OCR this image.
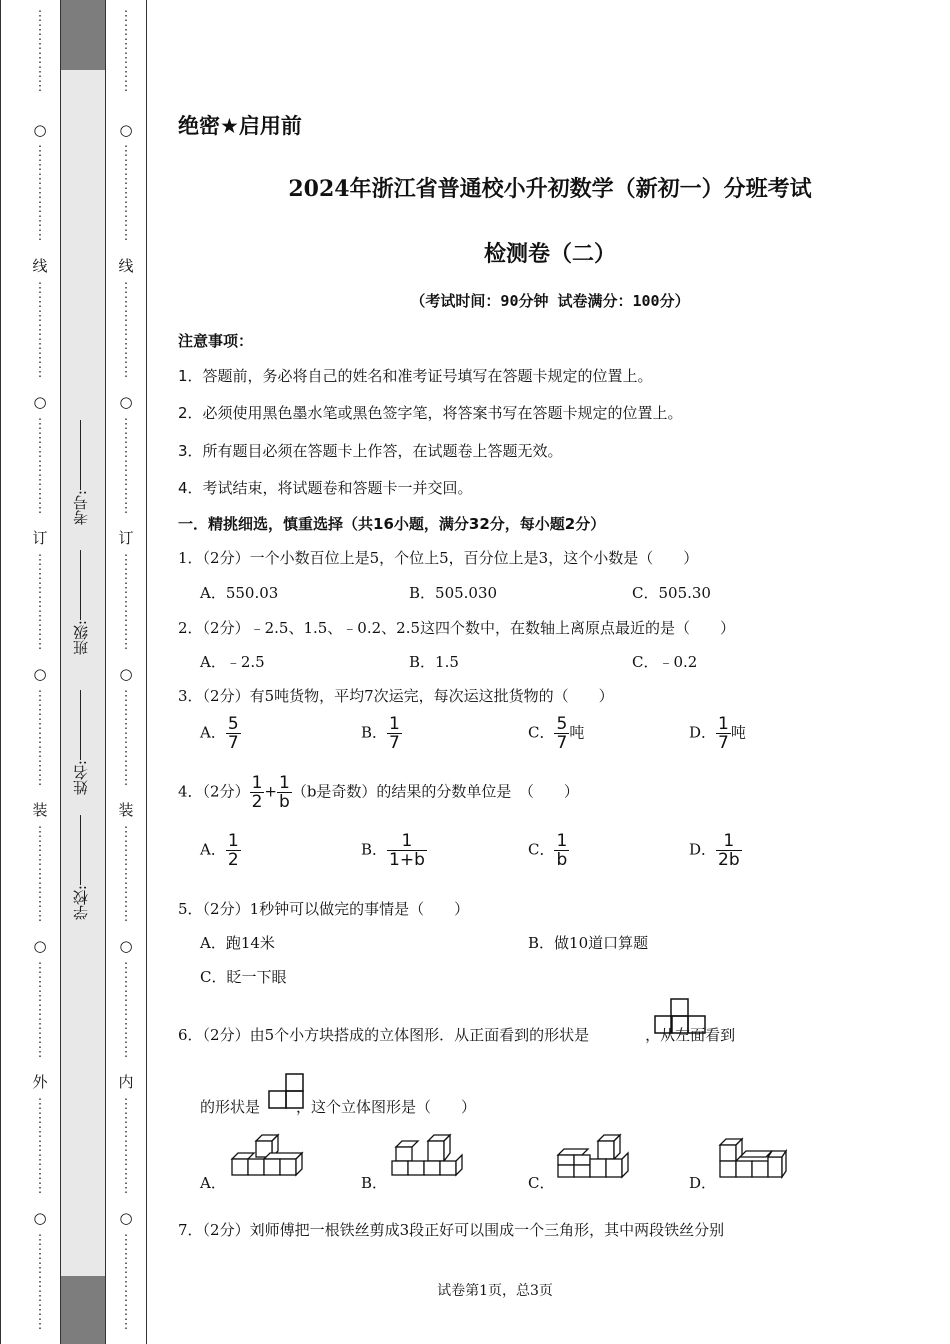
⋮
⋮
⋮
⋮
⋮
⋮
○
⋮
⋮
⋮
⋮
⋮
⋮
⋮
线
⋮
⋮
⋮
⋮
⋮
⋮
⋮
○
⋮
⋮
⋮
⋮
⋮
⋮
⋮
订
⋮
⋮
⋮
⋮
⋮
⋮
⋮
○
⋮
⋮
⋮
⋮
⋮
⋮
⋮
装
⋮
⋮
⋮
⋮
⋮
⋮
⋮
○
⋮
⋮
⋮
⋮
⋮
⋮
⋮
外
⋮
⋮
⋮
⋮
⋮
⋮
⋮
○
⋮
⋮
⋮
⋮
⋮
⋮
⋮
学校:
姓名:
班级:
考号:
⋮
⋮
⋮
⋮
⋮
⋮
○
⋮
⋮
⋮
⋮
⋮
⋮
⋮
线
⋮
⋮
⋮
⋮
⋮
⋮
⋮
○
⋮
⋮
⋮
⋮
⋮
⋮
⋮
订
⋮
⋮
⋮
⋮
⋮
⋮
⋮
○
⋮
⋮
⋮
⋮
⋮
⋮
⋮
装
⋮
⋮
⋮
⋮
⋮
⋮
⋮
○
⋮
⋮
⋮
⋮
⋮
⋮
⋮
内
⋮
⋮
⋮
⋮
⋮
⋮
⋮
○
⋮
⋮
⋮
⋮
⋮
⋮
⋮
绝密★启用前
2024年浙江省普通校小升初数学（新初一）分班考试
检测卷（二）
（考试时间：90分钟 试卷满分：100分）
注意事项：
1．答题前，务必将自己的姓名和准考证号填写在答题卡规定的位置上。
2．必须使用黑色墨水笔或黑色签字笔，将答案书写在答题卡规定的位置上。
3．所有题目必须在答题卡上作答，在试题卷上答题无效。
4．考试结束，将试题卷和答题卡一并交回。
一．精挑细选，慎重选择（共16小题，满分32分，每小题2分）
1．（2分）一个小数百位上是5，个位上5，百分位上是3，这个小数是（　　）
A．550.03	B．505.030	C．505.30
2．（2分）﹣2.5、1.5、﹣0.2、2.5这四个数中，在数轴上离原点最近的是（　　）
A．﹣2.5	B．1.5	C．﹣0.2
3．（2分）有5吨货物，平均7次运完，每次运这批货物的（　　）
A． $\frac{5}{7}$	B． $\frac{1}{7}$	C． $\frac{5}{7}$ 吨	D． $\frac{1}{7}$ 吨
4．（2分） $\frac{1}{2} + \frac{1}{b} (b$是奇数）的结果的分数单位是　（　　）
A． $\frac{1}{2}$	B． $\frac{1}{1+b}$	C． $\frac{1}{b}$	D． $\frac{1}{2b}$
5．（2分）1秒钟可以做完的事情是（　　）
A．跑14米	B．做10道口算题
C．眨一下眼
6．（2分）由5个小方块搭成的立体图形．从正面看到的形状是	，从左面看到
的形状是 ，这个立体图形是（　　）
A．	B．	C．	D．
7．（2分）刘师傅把一根铁丝剪成3段正好可以围成一个三角形，其中两段铁丝分别
试卷第1页，总3页
